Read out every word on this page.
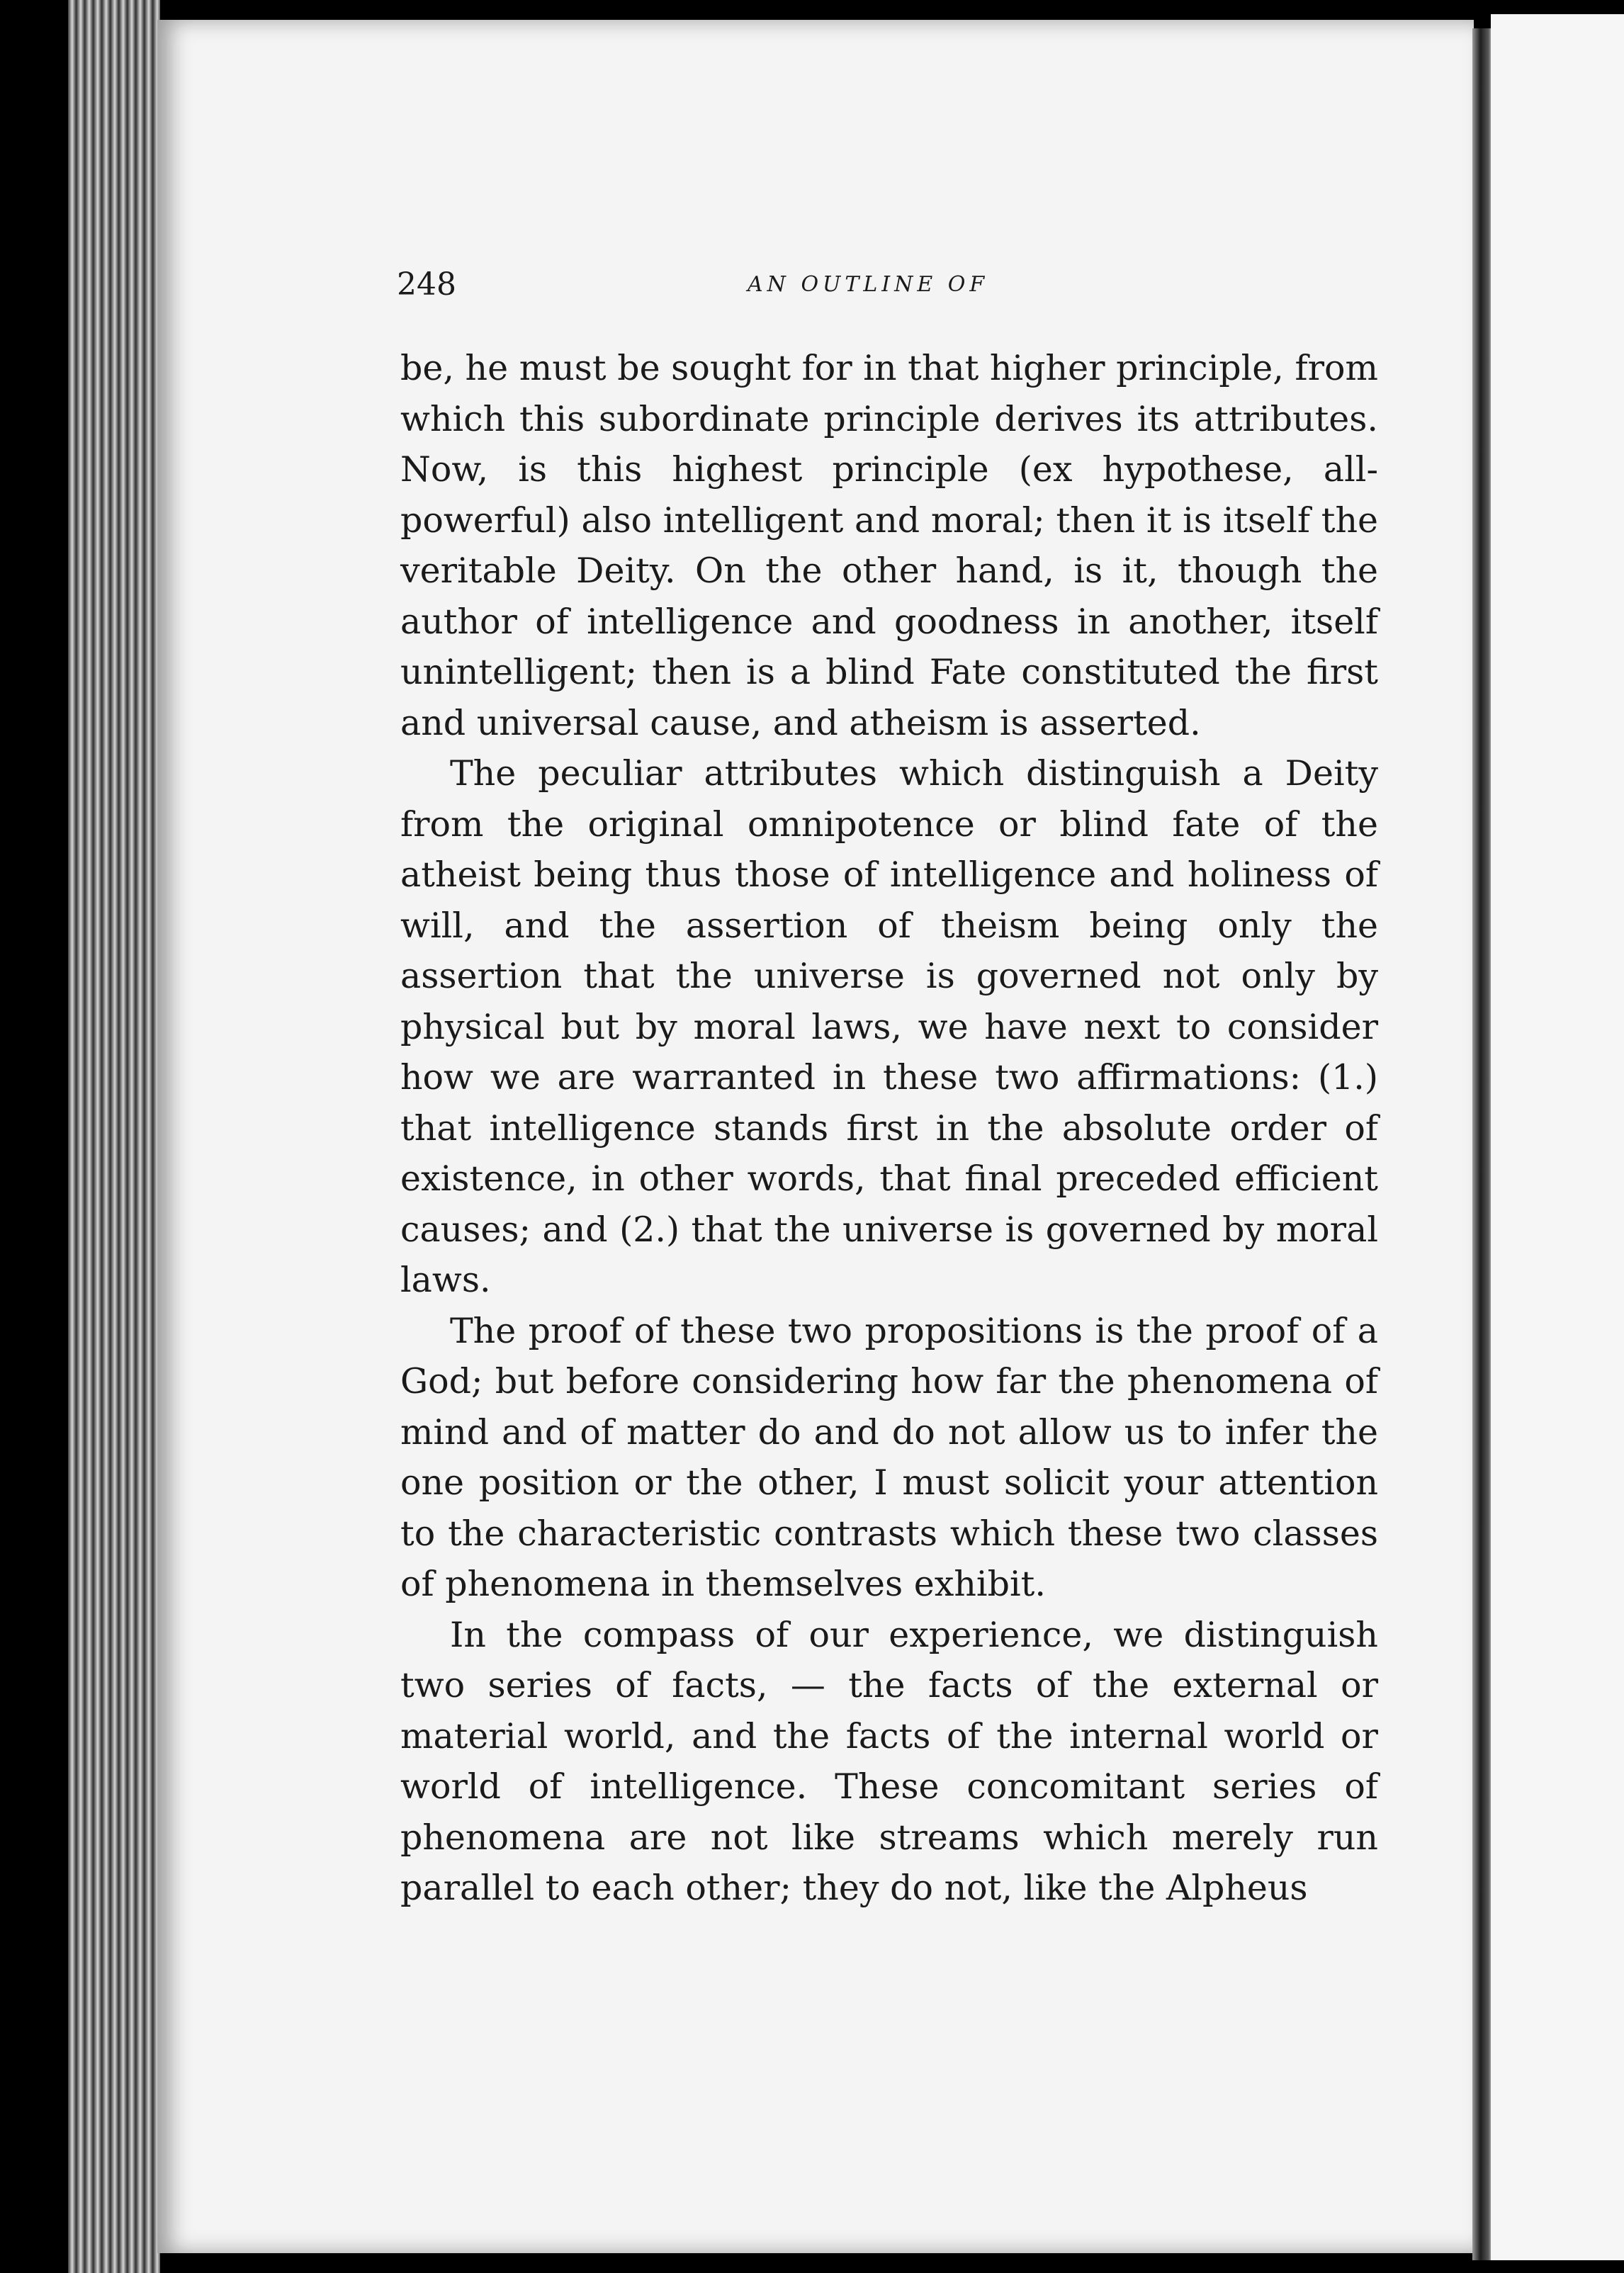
248	AN OUTLINE OF

be, he must be sought for in that higher principle, from which this subordinate principle derives its attributes. Now, is this highest principle (ex hypothese, all-powerful) also intelligent and moral; then it is itself the veritable Deity. On the other hand, is it, though the author of intelligence and goodness in another, itself unintelligent; then is a blind Fate constituted the first and universal cause, and atheism is asserted.

The peculiar attributes which distinguish a Deity from the original omnipotence or blind fate of the atheist being thus those of intelligence and holiness of will, and the assertion of theism being only the assertion that the universe is governed not only by physical but by moral laws, we have next to consider how we are warranted in these two affirmations: (1.) that intelligence stands first in the absolute order of existence, in other words, that final preceded efficient causes; and (2.) that the universe is governed by moral laws.

The proof of these two propositions is the proof of a God; but before considering how far the phenomena of mind and of matter do and do not allow us to infer the one position or the other, I must solicit your attention to the characteristic contrasts which these two classes of phenomena in themselves exhibit.

In the compass of our experience, we distinguish two series of facts, — the facts of the external or material world, and the facts of the internal world or world of intelligence. These concomitant series of phenomena are not like streams which merely run parallel to each other; they do not, like the Alpheus
